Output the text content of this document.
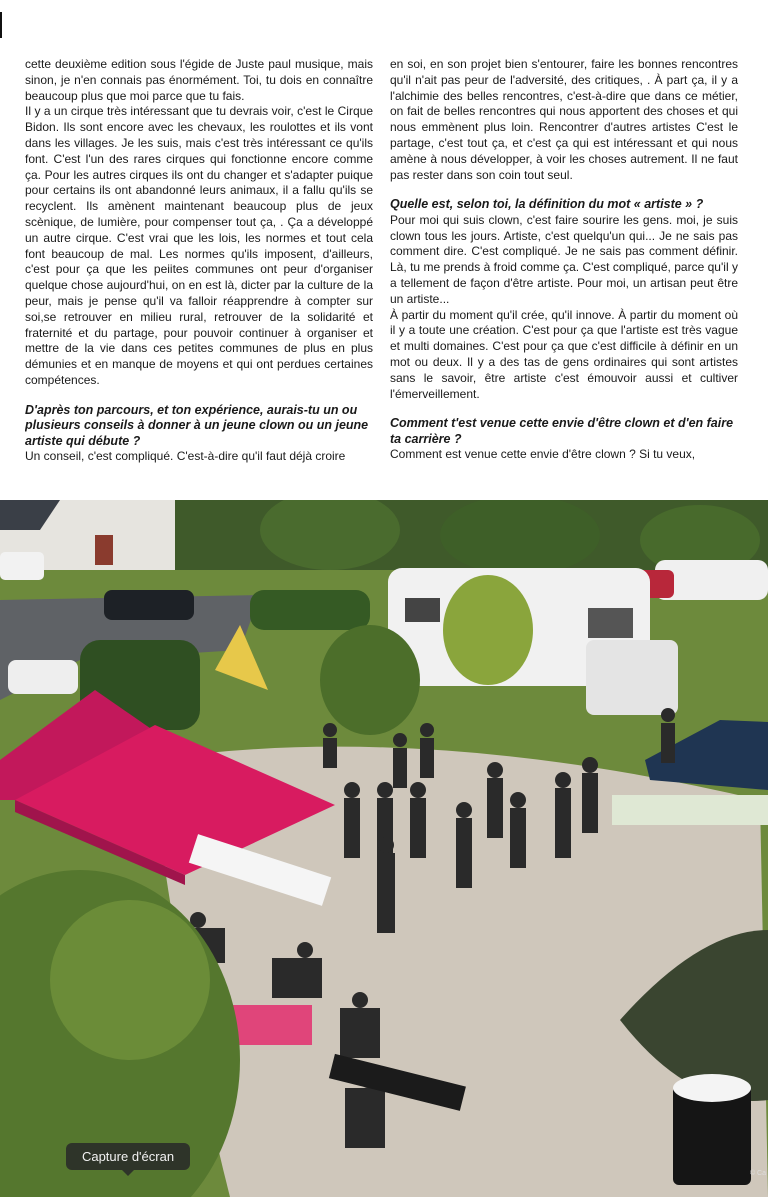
cette deuxième edition sous l'égide de Juste paul musique, mais sinon, je n'en connais pas énormément. Toi, tu dois en connaître beaucoup plus que moi parce que tu fais.

Il y a un cirque très intéressant que tu devrais voir, c'est le Cirque Bidon. Ils sont encore avec les chevaux, les roulottes et ils vont dans les villages. Je les suis, mais c'est très intéressant ce qu'ils font. C'est l'un des rares cirques qui fonctionne encore comme ça. Pour les autres cirques ils ont du changer et s'adapter puique pour certains ils ont abandonné leurs animaux, il a fallu qu'ils se recyclent. Ils amènent maintenant beaucoup plus de jeux scènique, de lumière, pour compenser tout ça, . Ça a développé un autre cirque. C'est vrai que les lois, les normes et tout cela font beaucoup de mal. Les normes qu'ils imposent, d'ailleurs, c'est pour ça que les peiites communes ont peur d'organiser quelque chose aujourd'hui, on en est là, dicter par la culture de la peur, mais je pense qu'il va falloir réapprendre à compter sur soi,se retrouver en milieu rural, retrouver de la solidarité et fraternité et du partage, pour pouvoir continuer à organiser et mettre de la vie dans ces petites communes de plus en plus démunies et en manque de moyens et qui ont perdues certaines compétences.

D'après ton parcours, et ton expérience, aurais-tu un ou plusieurs conseils à donner à un jeune clown ou un jeune artiste qui débute ?

Un conseil, c'est compliqué. C'est-à-dire qu'il faut déjà croire

en soi, en son projet bien s'entourer, faire les bonnes rencontres qu'il n'ait pas peur de l'adversité, des critiques, . À part ça, il y a l'alchimie des belles rencontres, c'est-à-dire que dans ce métier, on fait de belles rencontres qui nous apportent des choses et qui nous emmènent plus loin. Rencontrer d'autres artistes C'est le partage, c'est tout ça, et c'est ça qui est intéressant et qui nous amène à nous développer, à voir les choses autrement. Il ne faut pas rester dans son coin tout seul.

Quelle est, selon toi, la définition du mot « artiste » ?

Pour moi qui suis clown, c'est faire sourire les gens. moi, je suis clown tous les jours. Artiste, c'est quelqu'un qui... Je ne sais pas comment dire. C'est compliqué. Je ne sais pas comment définir. Là, tu me prends à froid comme ça. C'est compliqué, parce qu'il y a tellement de façon d'être artiste. Pour moi, un artisan peut être un artiste...

À partir du moment qu'il crée, qu'il innove. À partir du moment où il y a toute une création. C'est pour ça que l'artiste est très vague et multi domaines. C'est pour ça que c'est difficile à définir en un mot ou deux. Il y a des tas de gens ordinaires qui sont artistes sans le savoir, être artiste c'est émouvoir aussi et cultiver l'émerveillement.

Comment t'est venue cette envie d'être clown et d'en faire ta carrière ?

Comment est venue cette envie d'être clown ? Si tu veux,

Capture d'écran
© Ca
